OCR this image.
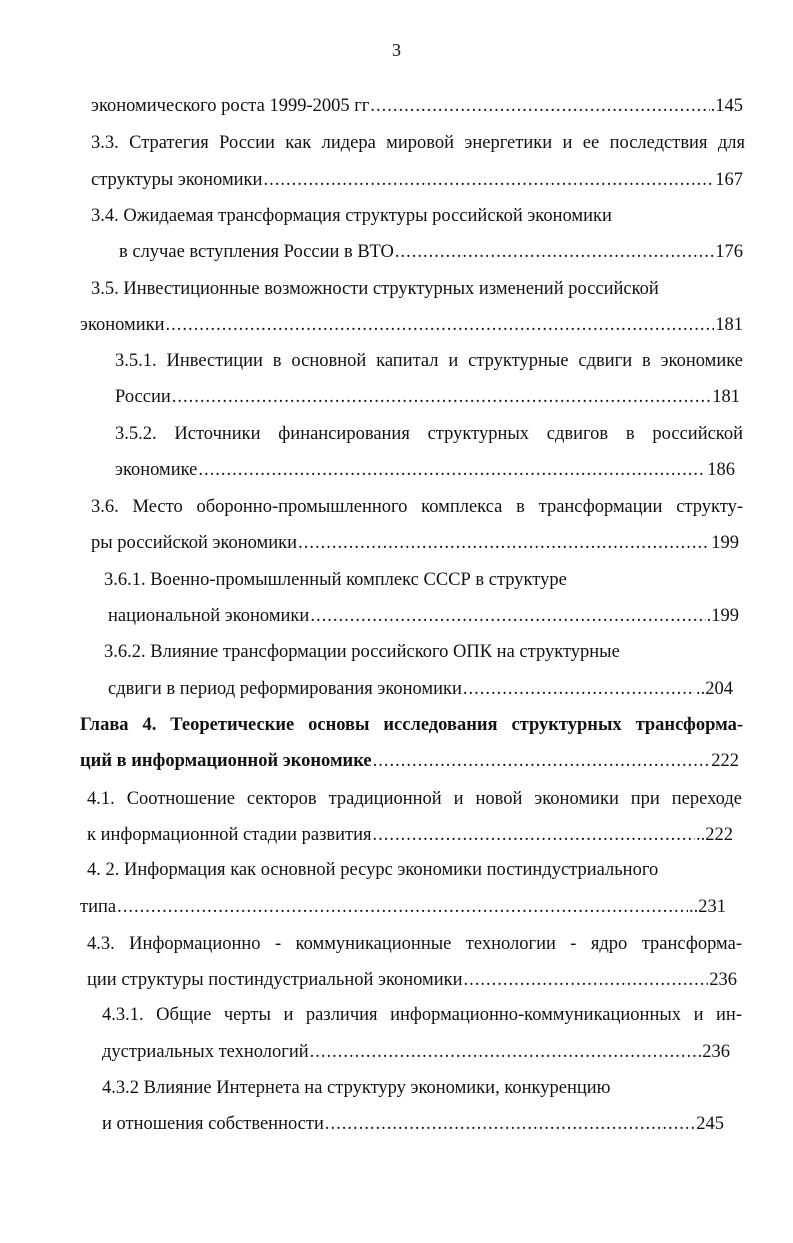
3
экономического роста 1999-2005 гг .....	.145
3.3. Стратегия России как лидера мировой энергетики и ее последствия для
структуры экономики .....	167
3.4. Ожидаемая трансформация структуры российской экономики
в случае вступления России в ВТО .....	176
3.5. Инвестиционные возможности структурных изменений российской
экономики .....	181
3.5.1. Инвестиции в основной капитал и структурные сдвиги в экономике
России .....	181
3.5.2. Источники финансирования структурных сдвигов в российской
экономике .....	186
3.6. Место оборонно-промышленного комплекса в трансформации структу-
ры российской экономики .....	199
3.6.1. Военно-промышленный комплекс СССР в структуре
национальной экономики .....	.199
3.6.2. Влияние трансформации российского ОПК на структурные
сдвиги в период реформирования экономики .....	..204
Глава 4. Теоретические основы исследования структурных трансформа-
ций в информационной экономике .....	222
4.1. Соотношение секторов традиционной и новой экономики при переходе
к информационной стадии развития .....	..222
4. 2. Информация как основной ресурс экономики постиндустриального
типа .....	..231
4.3. Информационно - коммуникационные технологии - ядро трансформа-
ции структуры постиндустриальной экономики .....	236
4.3.1. Общие черты и различия информационно-коммуникационных и ин-
дустриальных технологий .....	236
4.3.2 Влияние Интернета на структуру экономики, конкуренцию
и отношения собственности .....	245
